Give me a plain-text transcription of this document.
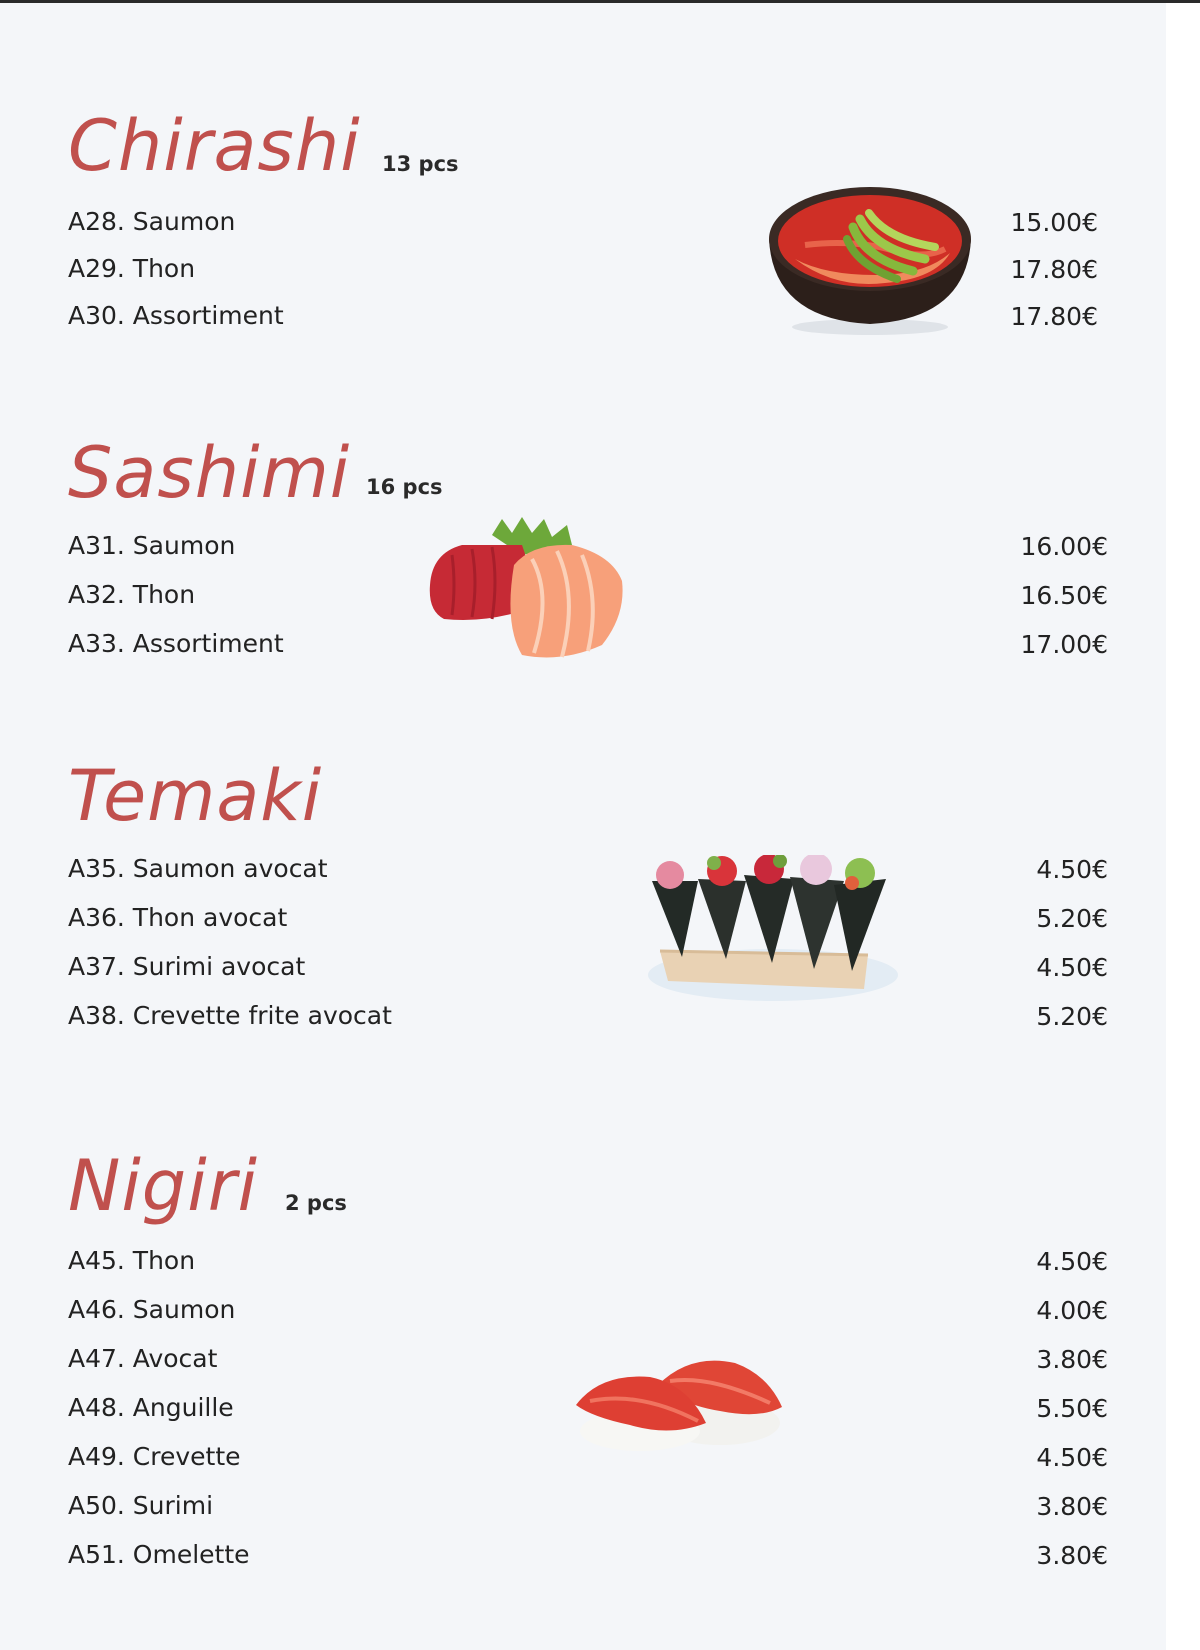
Chirashi 13 pcs
A28. Saumon
A29. Thon
A30. Assortiment
15.00€
17.80€
17.80€
Sashimi 16 pcs
A31. Saumon
A32. Thon
A33. Assortiment
16.00€
16.50€
17.00€
Temaki
A35. Saumon avocat
A36. Thon avocat
A37. Surimi avocat
A38. Crevette frite avocat
4.50€
5.20€
4.50€
5.20€
Nigiri 2 pcs
A45. Thon
A46. Saumon
A47. Avocat
A48. Anguille
A49. Crevette
A50. Surimi
A51. Omelette
4.50€
4.00€
3.80€
5.50€
4.50€
3.80€
3.80€
